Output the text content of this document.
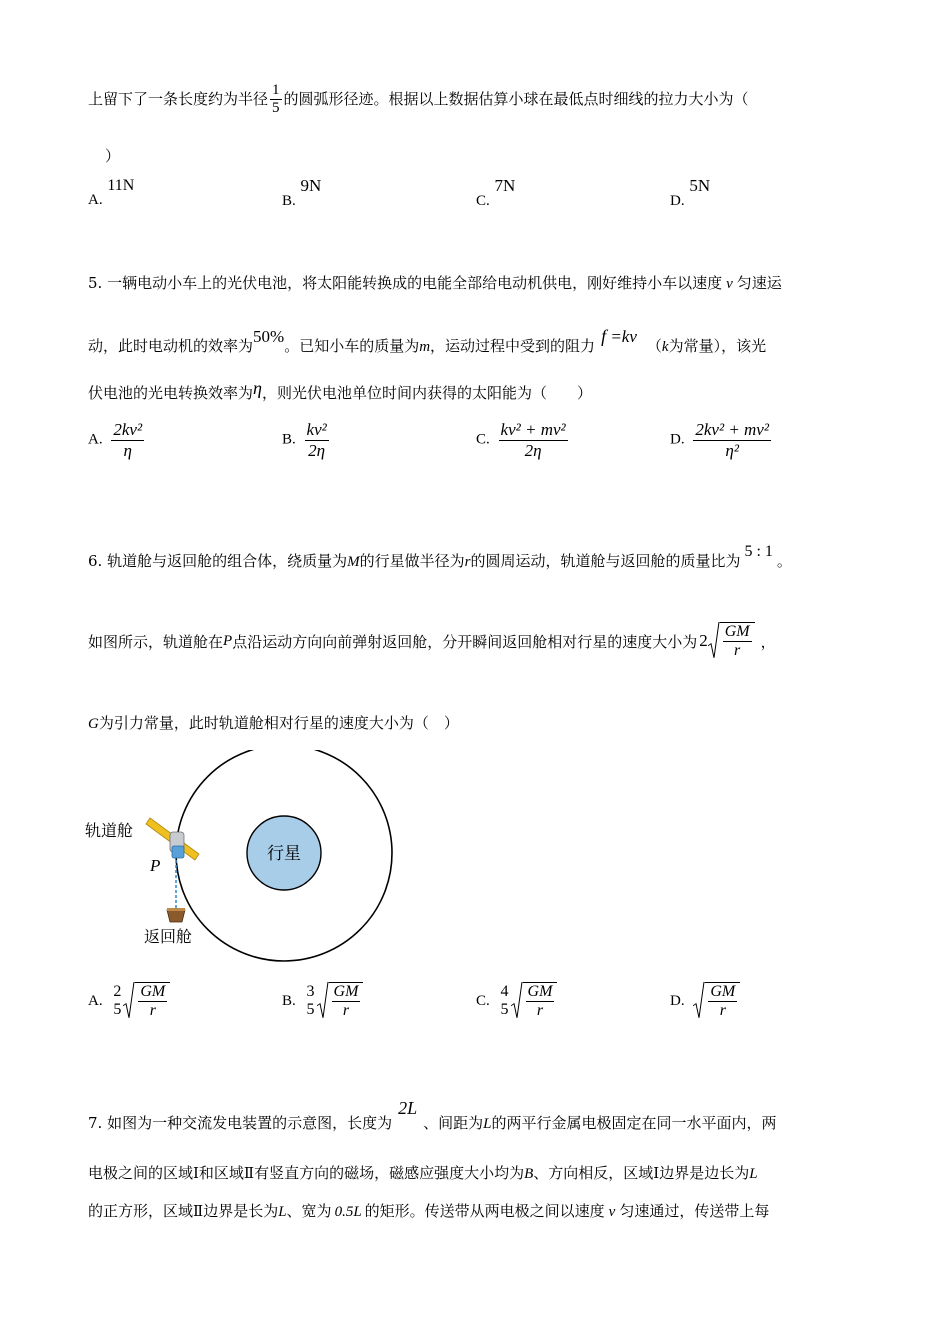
上留下了一条长度约为半径 $\frac{1}{5}$ 的圆弧形径迹。根据以上数据估算小球在最低点时细线的拉力大小为（
）
A. 11N
B. 9N
C. 7N
D. 5N
5. 一辆电动小车上的光伏电池，将太阳能转换成的电能全部给电动机供电，刚好维持小车以速度 v 匀速运
动，此时电动机的效率为50%。已知小车的质量为m，运动过程中受到的阻力 f =kv （k为常量），该光
伏电池的光电转换效率为η，则光伏电池单位时间内获得的太阳能为（　　）
A. $\frac{\text{2kv²}}{\eta}$	B. $\frac{\text{kv²}}{2\eta}$	C. $\frac{\text{kv² + mv²}}{2\eta}$	D. $\frac{\text{2kv² + mv²}}{\text{η²}}$
6. 轨道舱与返回舱的组合体，绕质量为M的行星做半径为r的圆周运动，轨道舱与返回舱的质量比为5 : 1。
如图所示，轨道舱在P点沿运动方向向前弹射返回舱，分开瞬间返回舱相对行星的速度大小为 $2 \frac{GM}{r}$ ，
G为引力常量，此时轨道舱相对行星的速度大小为（　）
行星
轨道舱
P
返回舱
A.
2
$5 \frac{GM}{r}$	B.
3
$5 \frac{GM}{r}$	C.
4
$5 \frac{GM}{r}$	D. $\frac{GM}{r}$
7. 如图为一种交流发电装置的示意图，长度为2L、间距为L的两平行金属电极固定在同一水平面内，两
电极之间的区域Ⅰ和区域Ⅱ有竖直方向的磁场，磁感应强度大小均为B、方向相反，区域Ⅰ边界是边长为L
的正方形，区域Ⅱ边界是长为L、宽为 0.5L 的矩形。传送带从两电极之间以速度 v 匀速通过，传送带上每
